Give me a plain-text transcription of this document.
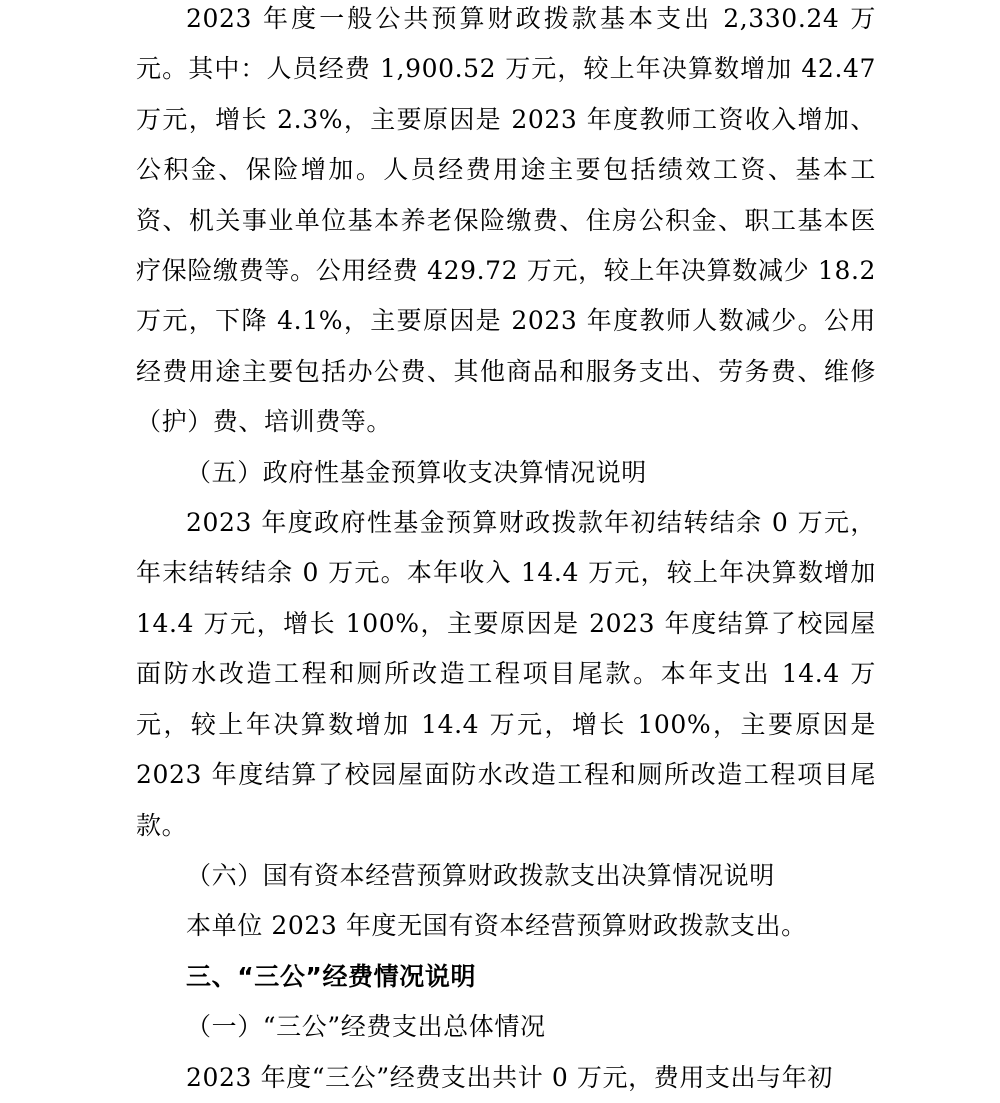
2023 年度一般公共预算财政拨款基本支出 2,330.24 万元。其中：人员经费 1,900.52 万元，较上年决算数增加 42.47 万元，增长 2.3%，主要原因是 2023 年度教师工资收入增加、公积金、保险增加。人员经费用途主要包括绩效工资、基本工资、机关事业单位基本养老保险缴费、住房公积金、职工基本医疗保险缴费等。公用经费 429.72 万元，较上年决算数减少 18.2 万元，下降 4.1%，主要原因是 2023 年度教师人数减少。公用经费用途主要包括办公费、其他商品和服务支出、劳务费、维修（护）费、培训费等。

（五）政府性基金预算收支决算情况说明

2023 年度政府性基金预算财政拨款年初结转结余 0 万元，年末结转结余 0 万元。本年收入 14.4 万元，较上年决算数增加 14.4 万元，增长 100%，主要原因是 2023 年度结算了校园屋面防水改造工程和厕所改造工程项目尾款。本年支出 14.4 万元，较上年决算数增加 14.4 万元，增长 100%，主要原因是 2023 年度结算了校园屋面防水改造工程和厕所改造工程项目尾款。

（六）国有资本经营预算财政拨款支出决算情况说明

本单位 2023 年度无国有资本经营预算财政拨款支出。

三、“三公”经费情况说明

（一）“三公”经费支出总体情况

2023 年度“三公”经费支出共计 0 万元，费用支出与年初
